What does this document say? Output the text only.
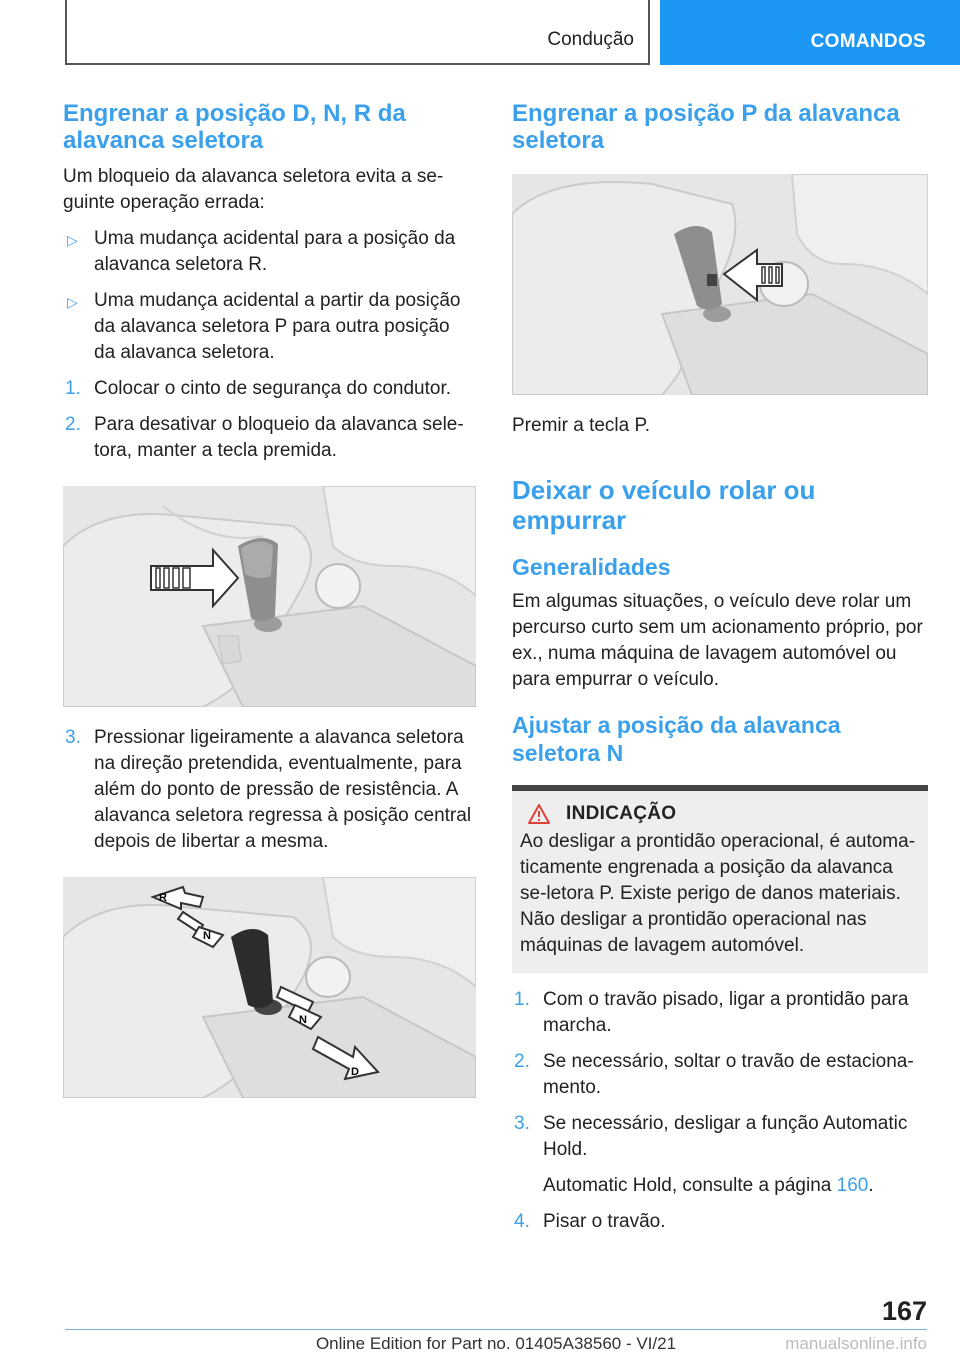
Condução	COMANDOS
Engrenar a posição D, N, R da alavanca seletora

Um bloqueio da alavanca seletora evita a se-guinte operação errada:

▷ Uma mudança acidental para a posição da alavanca seletora R.
▷ Uma mudança acidental a partir da posição da alavanca seletora P para outra posição da alavanca seletora.
1. Colocar o cinto de segurança do condutor.
2. Para desativar o bloqueio da alavanca sele-tora, manter a tecla premida.
3. Pressionar ligeiramente a alavanca seletora na direção pretendida, eventualmente, para além do ponto de pressão de resistência. A alavanca seletora regressa à posição central depois de libertar a mesma.
R
N
N
D
Engrenar a posição P da alavanca seletora

Premir a tecla P.

Deixar o veículo rolar ou empurrar
Generalidades

Em algumas situações, o veículo deve rolar um percurso curto sem um acionamento próprio, por ex., numa máquina de lavagem automóvel ou para empurrar o veículo.

Ajustar a posição da alavanca seletora N
INDICAÇÃO

Ao desligar a prontidão operacional, é automa-ticamente engrenada a posição da alavanca se-letora P. Existe perigo de danos materiais. Não desligar a prontidão operacional nas máquinas de lavagem automóvel.

1. Com o travão pisado, ligar a prontidão para marcha.
2. Se necessário, soltar o travão de estaciona-mento.
3. Se necessário, desligar a função Automatic Hold.
Automatic Hold, consulte a página 160.
4. Pisar o travão.
167
Online Edition for Part no. 01405A38560 - VI/21	manualsonline.info
